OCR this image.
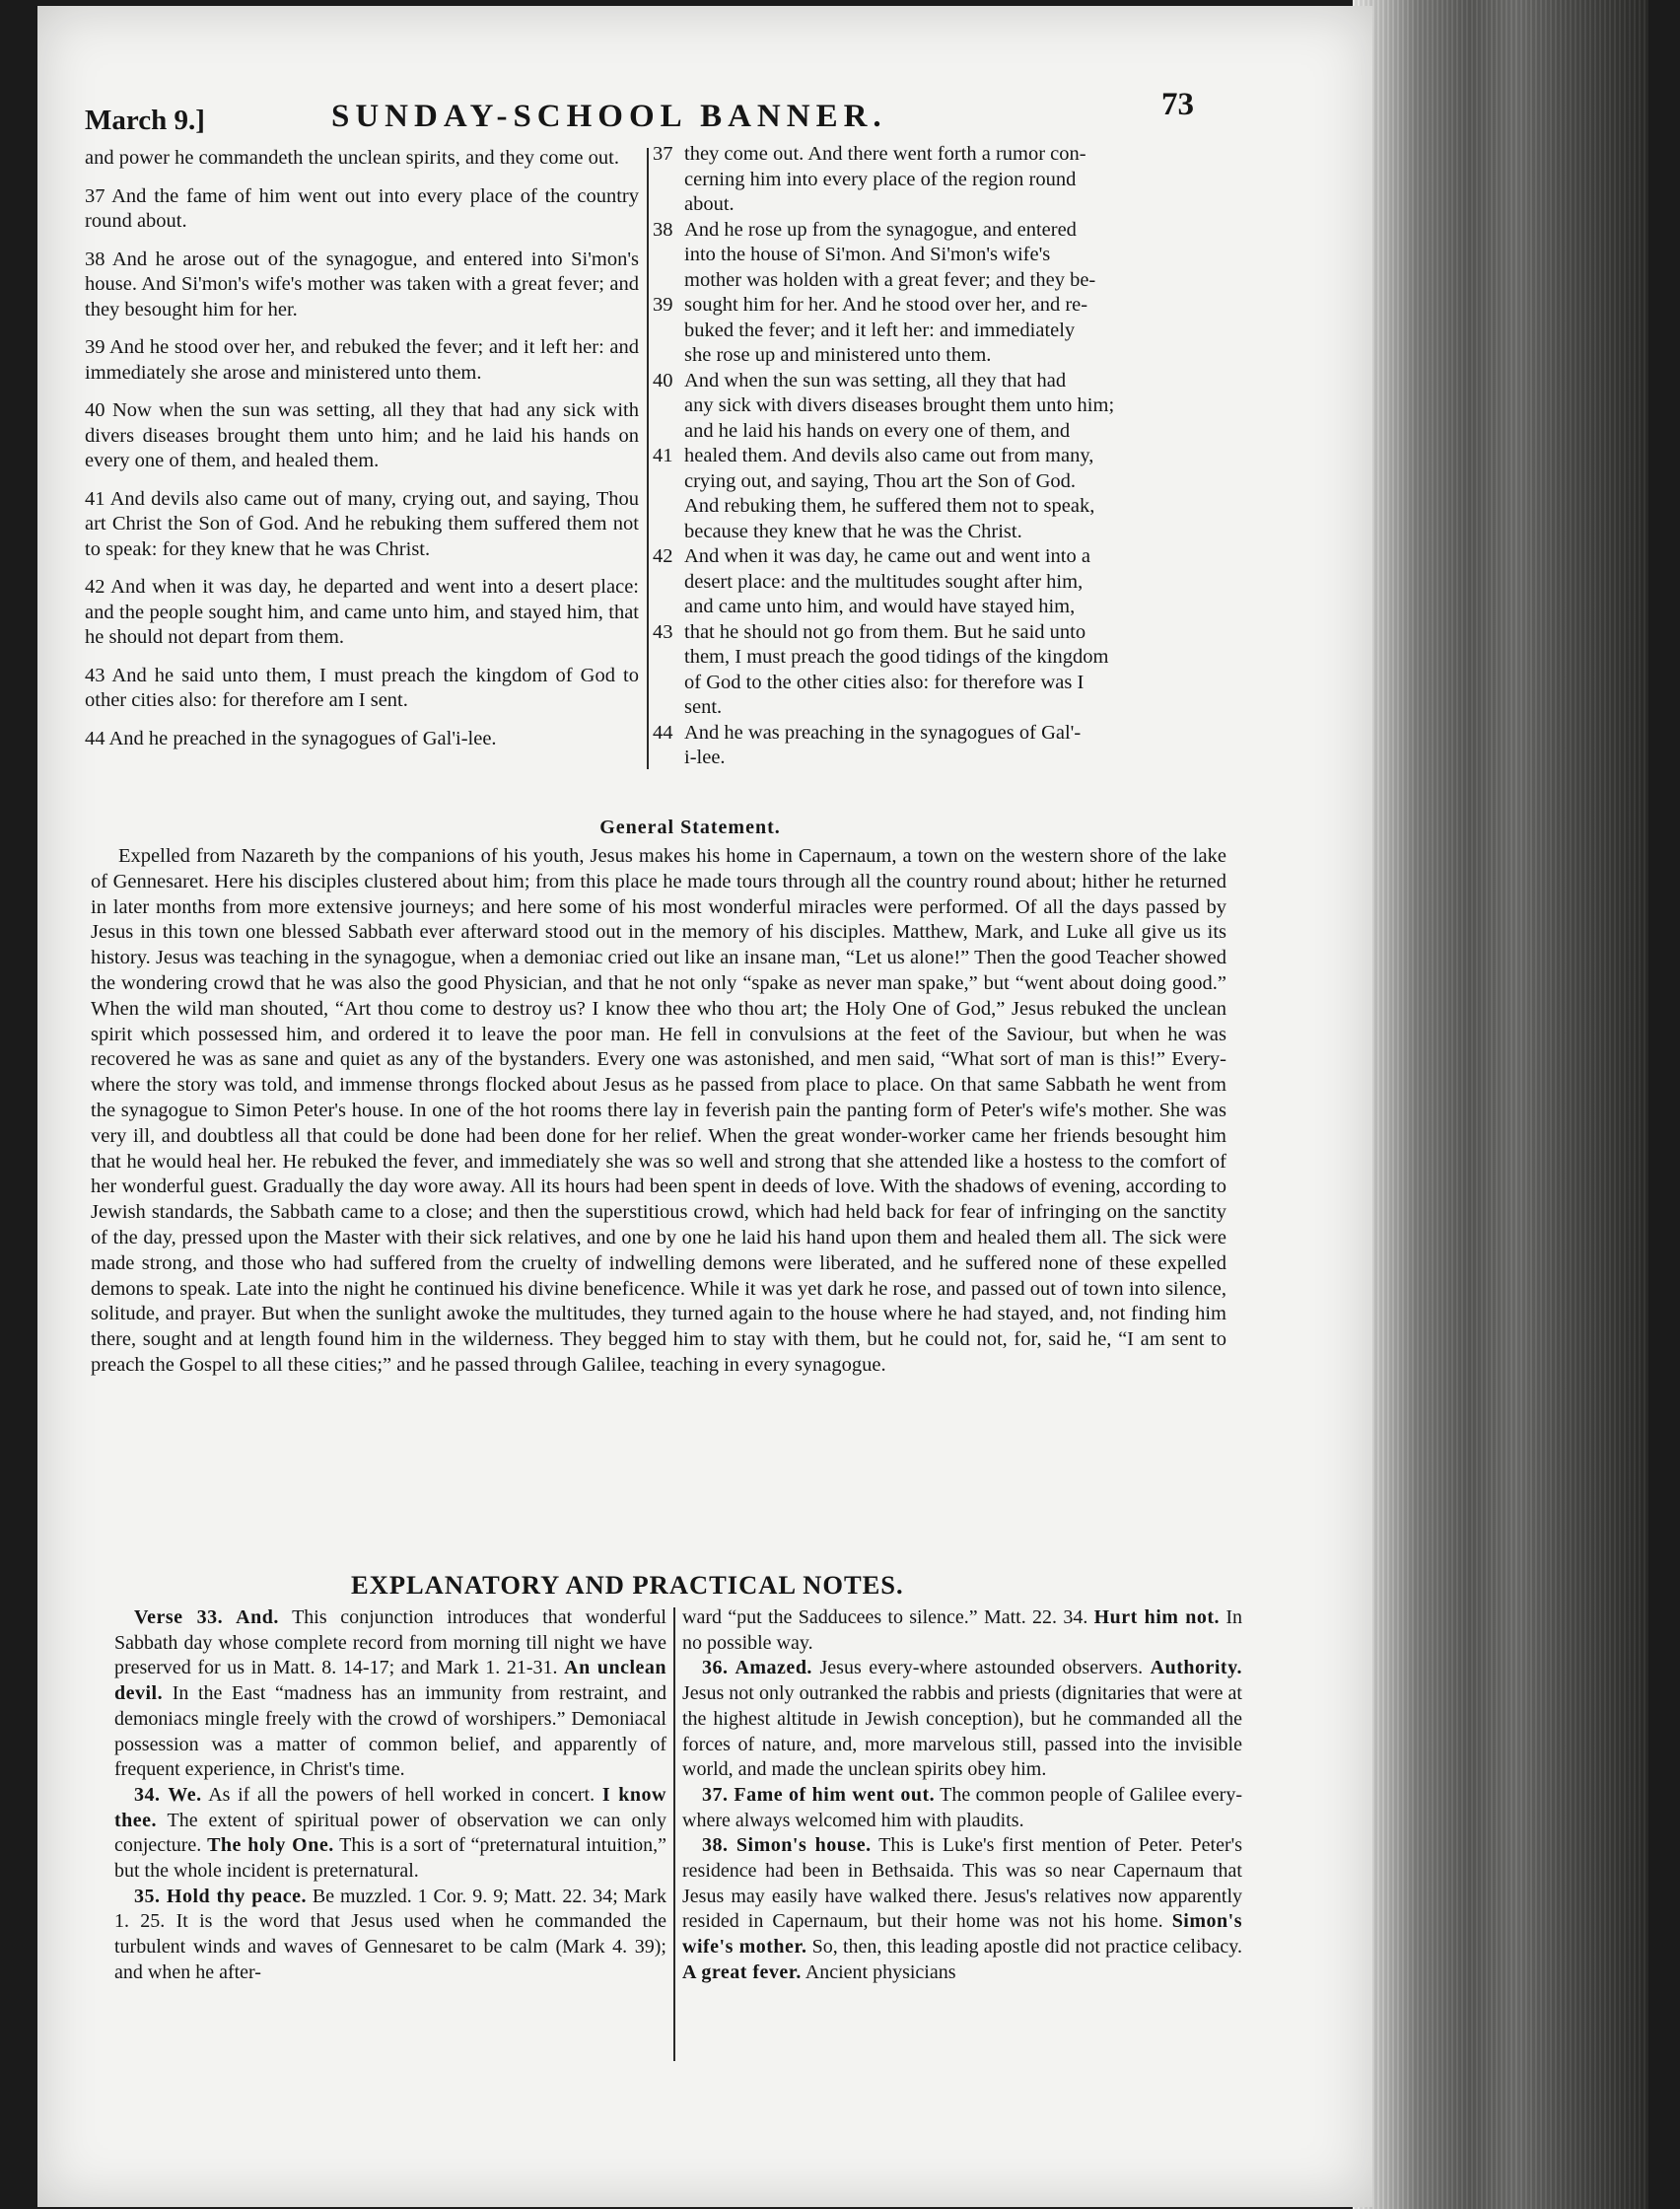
March 9.]	SUNDAY-SCHOOL BANNER.	73

and power he commandeth the unclean spirits, and they come out.

37 And the fame of him went out into every place of the country round about.

38 And he arose out of the synagogue, and entered into Si'mon's house. And Si'mon's wife's mother was taken with a great fever; and they besought him for her.

39 And he stood over her, and rebuked the fever; and it left her: and immediately she arose and ministered unto them.

40 Now when the sun was setting, all they that had any sick with divers diseases brought them unto him; and he laid his hands on every one of them, and healed them.

41 And devils also came out of many, crying out, and saying, Thou art Christ the Son of God. And he rebuking them suffered them not to speak: for they knew that he was Christ.

42 And when it was day, he departed and went into a desert place: and the people sought him, and came unto him, and stayed him, that he should not depart from them.

43 And he said unto them, I must preach the kingdom of God to other cities also: for therefore am I sent.

44 And he preached in the synagogues of Gal'i-lee.

37 they come out. And there went forth a rumor con-
cerning him into every place of the region round
about.
38 And he rose up from the synagogue, and entered
into the house of Si'mon. And Si'mon's wife's
mother was holden with a great fever; and they be-
39 sought him for her. And he stood over her, and re-
buked the fever; and it left her: and immediately
she rose up and ministered unto them.
40 And when the sun was setting, all they that had
any sick with divers diseases brought them unto him;
and he laid his hands on every one of them, and
41 healed them. And devils also came out from many,
crying out, and saying, Thou art the Son of God.
And rebuking them, he suffered them not to speak,
because they knew that he was the Christ.
42 And when it was day, he came out and went into a
desert place: and the multitudes sought after him,
and came unto him, and would have stayed him,
43 that he should not go from them. But he said unto
them, I must preach the good tidings of the kingdom
of God to the other cities also: for therefore was I
sent.
44 And he was preaching in the synagogues of Gal'-
i-lee.
General Statement.

Expelled from Nazareth by the companions of his youth, Jesus makes his home in Capernaum, a town on the western shore of the lake of Gennesaret. Here his disciples clustered about him; from this place he made tours through all the country round about; hither he returned in later months from more extensive journeys; and here some of his most wonderful miracles were performed. Of all the days passed by Jesus in this town one blessed Sabbath ever afterward stood out in the memory of his disciples. Matthew, Mark, and Luke all give us its history. Jesus was teaching in the synagogue, when a demoniac cried out like an insane man, “Let us alone!” Then the good Teacher showed the wondering crowd that he was also the good Physician, and that he not only “spake as never man spake,” but “went about doing good.” When the wild man shouted, “Art thou come to destroy us? I know thee who thou art; the Holy One of God,” Jesus rebuked the unclean spirit which possessed him, and ordered it to leave the poor man. He fell in convulsions at the feet of the Saviour, but when he was recovered he was as sane and quiet as any of the bystanders. Every one was astonished, and men said, “What sort of man is this!” Every-where the story was told, and immense throngs flocked about Jesus as he passed from place to place. On that same Sabbath he went from the synagogue to Simon Peter's house. In one of the hot rooms there lay in feverish pain the panting form of Peter's wife's mother. She was very ill, and doubtless all that could be done had been done for her relief. When the great wonder-worker came her friends besought him that he would heal her. He rebuked the fever, and immediately she was so well and strong that she attended like a hostess to the comfort of her wonderful guest. Gradually the day wore away. All its hours had been spent in deeds of love. With the shadows of evening, according to Jewish standards, the Sabbath came to a close; and then the superstitious crowd, which had held back for fear of infringing on the sanctity of the day, pressed upon the Master with their sick relatives, and one by one he laid his hand upon them and healed them all. The sick were made strong, and those who had suffered from the cruelty of indwelling demons were liberated, and he suffered none of these expelled demons to speak. Late into the night he continued his divine beneficence. While it was yet dark he rose, and passed out of town into silence, solitude, and prayer. But when the sunlight awoke the multitudes, they turned again to the house where he had stayed, and, not finding him there, sought and at length found him in the wilderness. They begged him to stay with them, but he could not, for, said he, “I am sent to preach the Gospel to all these cities;” and he passed through Galilee, teaching in every synagogue.

EXPLANATORY AND PRACTICAL NOTES.

Verse 33. And. This conjunction introduces that wonderful Sabbath day whose complete record from morning till night we have preserved for us in Matt. 8. 14-17; and Mark 1. 21-31. An unclean devil. In the East “madness has an immunity from restraint, and demoniacs mingle freely with the crowd of worshipers.” Demoniacal possession was a matter of common belief, and apparently of frequent experience, in Christ's time.

34. We. As if all the powers of hell worked in concert. I know thee. The extent of spiritual power of observation we can only conjecture. The holy One. This is a sort of “preternatural intuition,” but the whole incident is preternatural.

35. Hold thy peace. Be muzzled. 1 Cor. 9. 9; Matt. 22. 34; Mark 1. 25. It is the word that Jesus used when he commanded the turbulent winds and waves of Gennesaret to be calm (Mark 4. 39); and when he after-

ward “put the Sadducees to silence.” Matt. 22. 34. Hurt him not. In no possible way.

36. Amazed. Jesus every-where astounded observers. Authority. Jesus not only outranked the rabbis and priests (dignitaries that were at the highest altitude in Jewish conception), but he commanded all the forces of nature, and, more marvelous still, passed into the invisible world, and made the unclean spirits obey him.

37. Fame of him went out. The common people of Galilee every-where always welcomed him with plaudits.

38. Simon's house. This is Luke's first mention of Peter. Peter's residence had been in Bethsaida. This was so near Capernaum that Jesus may easily have walked there. Jesus's relatives now apparently resided in Capernaum, but their home was not his home. Simon's wife's mother. So, then, this leading apostle did not practice celibacy. A great fever. Ancient physicians
